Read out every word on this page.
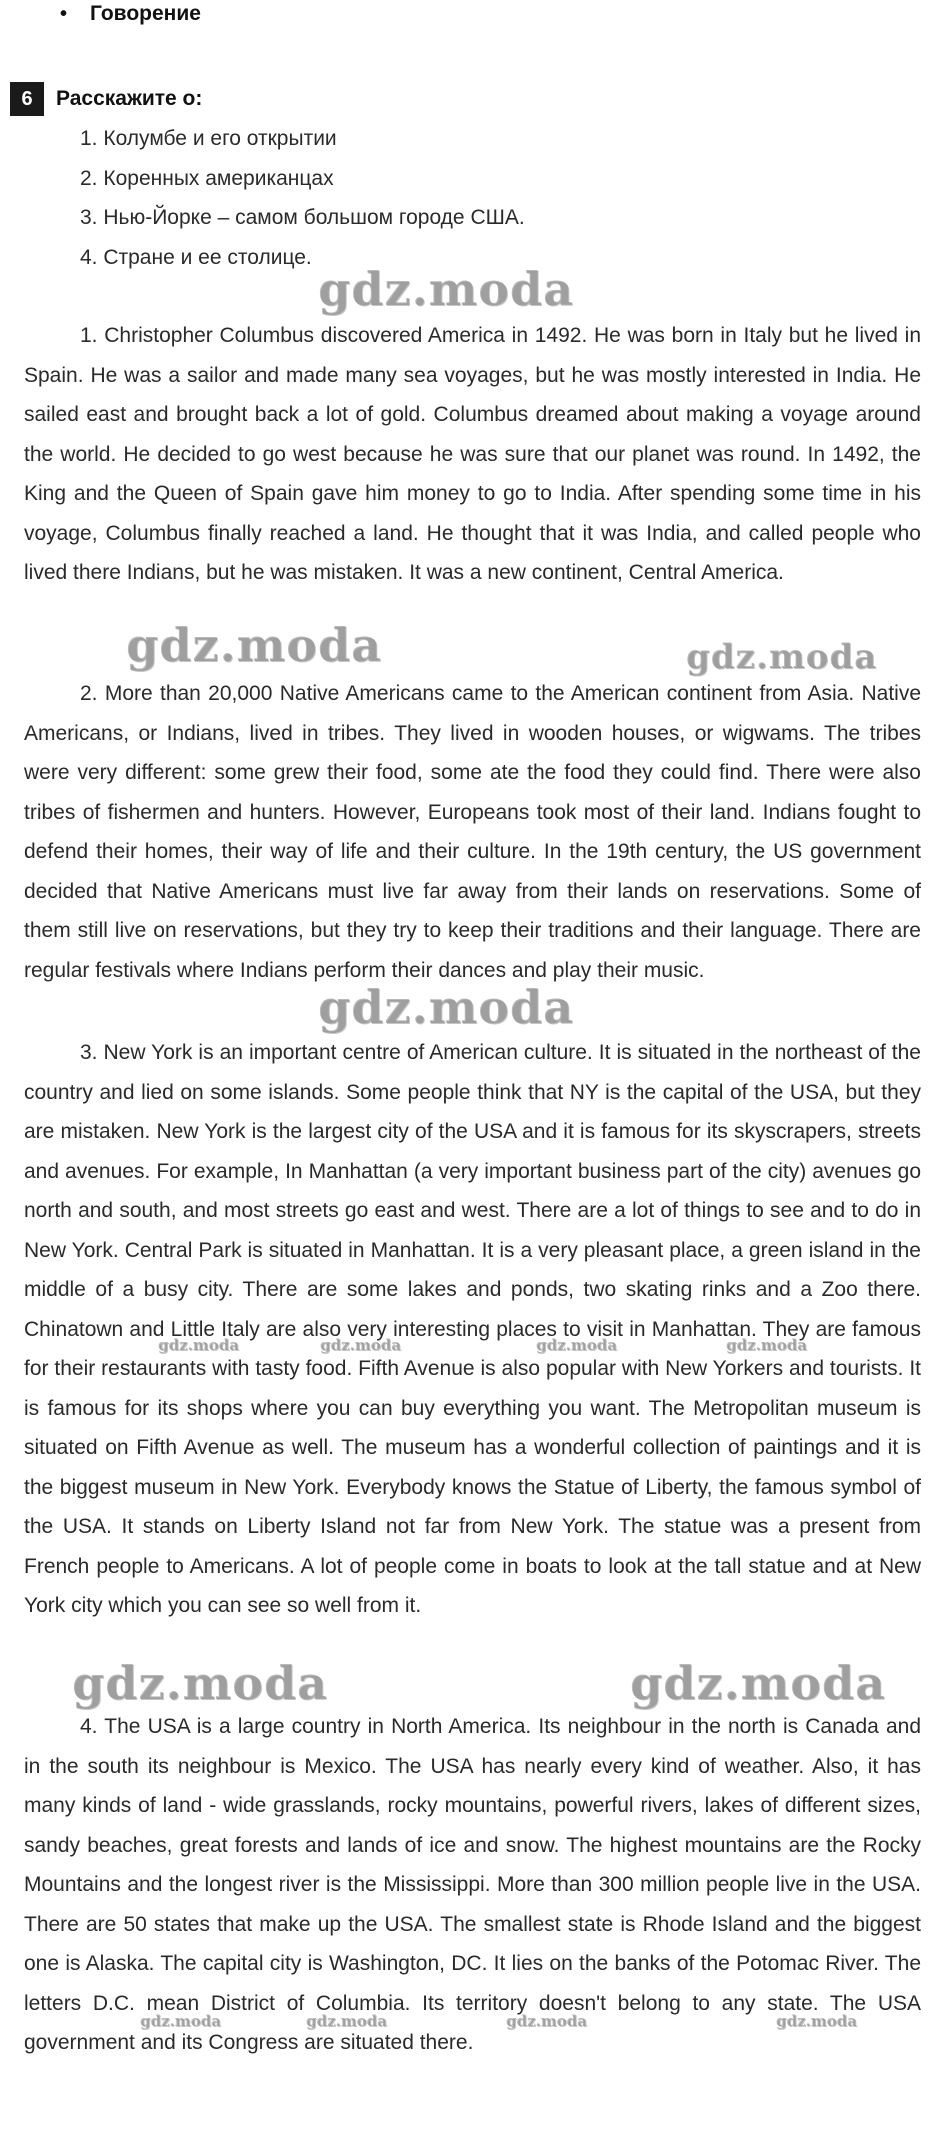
• Говорение
6	Расскажите о:
1. Колумбе и его открытии
2. Коренных американцах
3. Нью-Йорке – самом большом городе США.
4. Стране и ее столице.

1. Christopher Columbus discovered America in 1492. He was born in Italy but he lived in Spain. He was a sailor and made many sea voyages, but he was mostly interested in India. He sailed east and brought back a lot of gold. Columbus dreamed about making a voyage around the world. He decided to go west because he was sure that our planet was round. In 1492, the King and the Queen of Spain gave him money to go to India. After spending some time in his voyage, Columbus finally reached a land. He thought that it was India, and called people who lived there Indians, but he was mistaken. It was a new continent, Central America.

2. More than 20,000 Native Americans came to the American continent from Asia. Native Americans, or Indians, lived in tribes. They lived in wooden houses, or wigwams. The tribes were very different: some grew their food, some ate the food they could find. There were also tribes of fishermen and hunters. However, Europeans took most of their land. Indians fought to defend their homes, their way of life and their culture. In the 19th century, the US government decided that Native Americans must live far away from their lands on reservations. Some of them still live on reservations, but they try to keep their traditions and their language. There are regular festivals where Indians perform their dances and play their music.

3. New York is an important centre of American culture. It is situated in the northeast of the country and lied on some islands. Some people think that NY is the capital of the USA, but they are mistaken. New York is the largest city of the USA and it is famous for its skyscrapers, streets and avenues. For example, In Manhattan (a very important business part of the city) avenues go north and south, and most streets go east and west. There are a lot of things to see and to do in New York. Central Park is situated in Manhattan. It is a very pleasant place, a green island in the middle of a busy city. There are some lakes and ponds, two skating rinks and a Zoo there. Chinatown and Little Italy are also very interesting places to visit in Manhattan. They are famous for their restaurants with tasty food. Fifth Avenue is also popular with New Yorkers and tourists. It is famous for its shops where you can buy everything you want. The Metropolitan museum is situated on Fifth Avenue as well. The museum has a wonderful collection of paintings and it is the biggest museum in New York. Everybody knows the Statue of Liberty, the famous symbol of the USA. It stands on Liberty Island not far from New York. The statue was a present from French people to Americans. A lot of people come in boats to look at the tall statue and at New York city which you can see so well from it.

4. The USA is a large country in North America. Its neighbour in the north is Canada and in the south its neighbour is Mexico. The USA has nearly every kind of weather. Also, it has many kinds of land - wide grasslands, rocky mountains, powerful rivers, lakes of different sizes, sandy beaches, great forests and lands of ice and snow. The highest mountains are the Rocky Mountains and the longest river is the Mississippi. More than 300 million people live in the USA. There are 50 states that make up the USA. The smallest state is Rhode Island and the biggest one is Alaska. The capital city is Washington, DC. It lies on the banks of the Potomac River. The letters D.C. mean District of Columbia. Its territory doesn't belong to any state. The USA government and its Congress are situated there.

gdz.moda
gdz.moda	gdz.moda
gdz.moda
gdz.moda	gdz.moda	gdz.moda	gdz.moda
gdz.moda	gdz.moda
gdz.moda	gdz.moda	gdz.moda	gdz.moda
